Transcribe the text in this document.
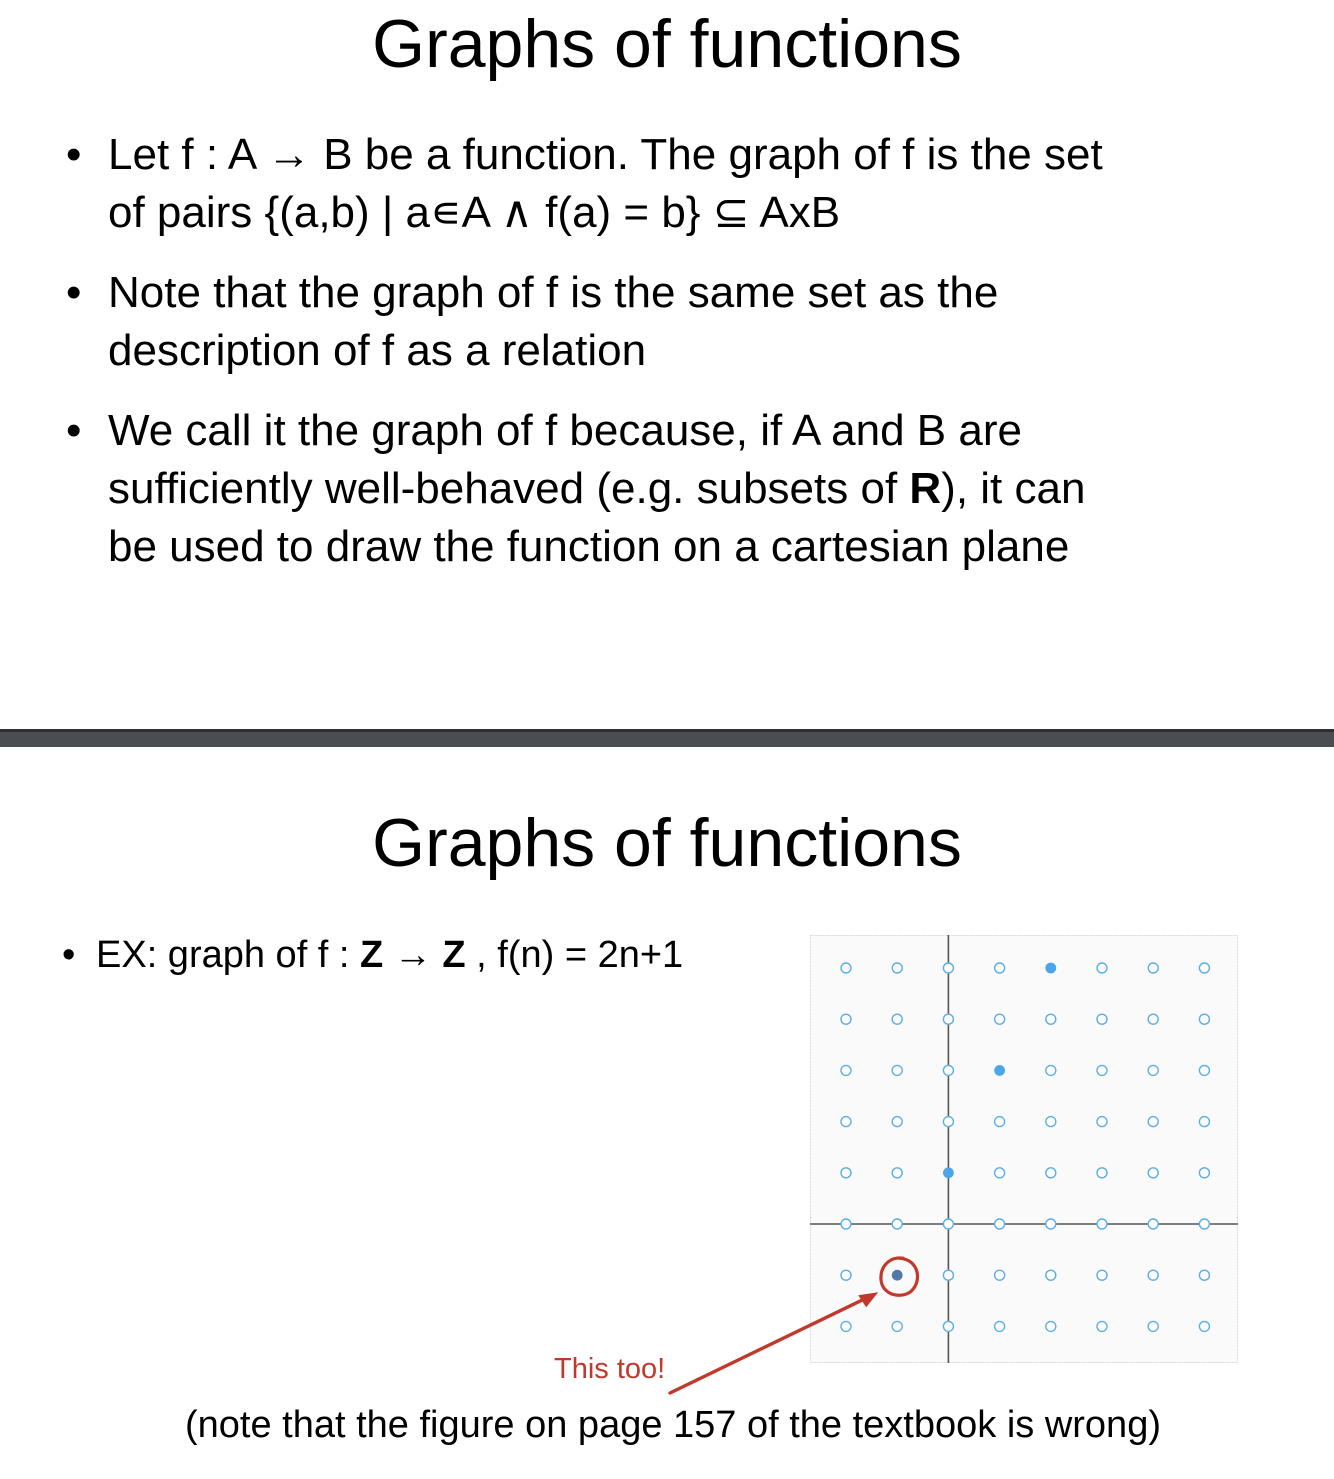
Graphs of functions
• Let f : A → B be a function. The graph of f is the set
of pairs {(a,b) | a∊A ∧ f(a) = b} ⊆ AxB
• Note that the graph of f is the same set as the
description of f as a relation
• We call it the graph of f because, if A and B are
sufficiently well-behaved (e.g. subsets of R), it can
be used to draw the function on a cartesian plane
Graphs of functions
• EX: graph of f : Z → Z , f(n) = 2n+1
This too!
(note that the figure on page 157 of the textbook is wrong)
